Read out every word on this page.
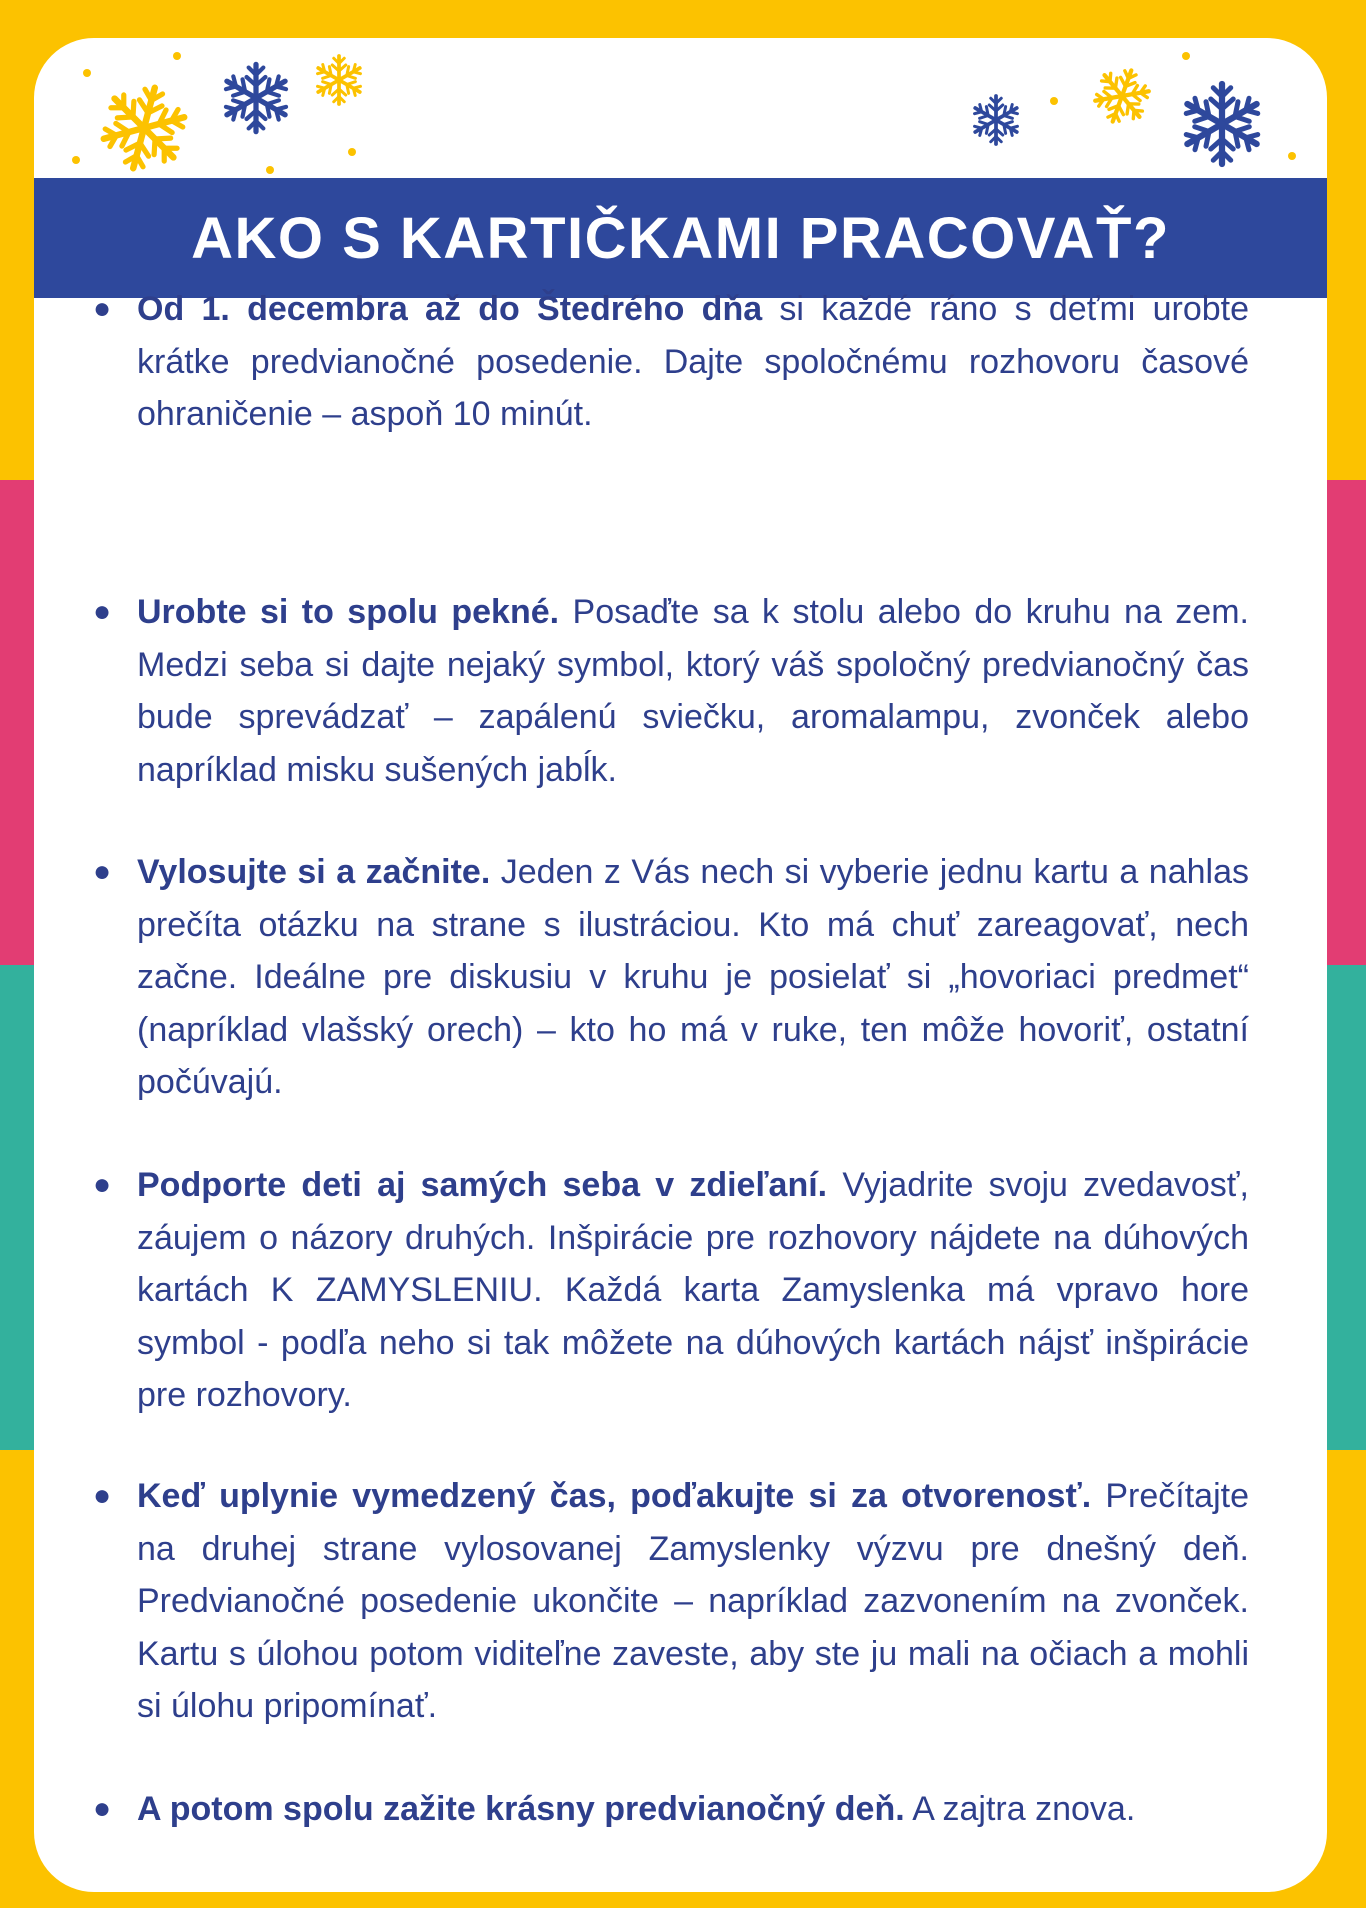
AKO S KARTIČKAMI PRACOVAŤ?
● Od 1. decembra až do Štedrého dňa si každé ráno s deťmi urobte krátke predvianočné posedenie. Dajte spoločnému rozhovoru časové ohraničenie – aspoň 10 minút.
● Urobte si to spolu pekné. Posaďte sa k stolu alebo do kruhu na zem. Medzi seba si dajte nejaký symbol, ktorý váš spoločný predvianočný čas bude sprevádzať – zapálenú sviečku, aromalampu, zvonček alebo napríklad misku sušených jabĺk.
● Vylosujte si a začnite. Jeden z Vás nech si vyberie jednu kartu a nahlas prečíta otázku na strane s ilustráciou. Kto má chuť zareagovať, nech začne. Ideálne pre diskusiu v kruhu je posielať si „hovoriaci predmet“ (napríklad vlašský orech) – kto ho má v ruke, ten môže hovoriť, ostatní počúvajú.
● Podporte deti aj samých seba v zdieľaní. Vyjadrite svoju zvedavosť, záujem o názory druhých. Inšpirácie pre rozhovory nájdete na dúhových kartách K ZAMYSLENIU. Každá karta Zamyslenka má vpravo hore symbol - podľa neho si tak môžete na dúhových kartách nájsť inšpirácie pre rozhovory.
● Keď uplynie vymedzený čas, poďakujte si za otvorenosť. Prečítajte na druhej strane vylosovanej Zamyslenky výzvu pre dnešný deň. Predvianočné posedenie ukončite – napríklad zazvonením na zvonček. Kartu s úlohou potom viditeľne zaveste, aby ste ju mali na očiach a mohli si úlohu pripomínať.
● A potom spolu zažite krásny predvianočný deň. A zajtra znova.
